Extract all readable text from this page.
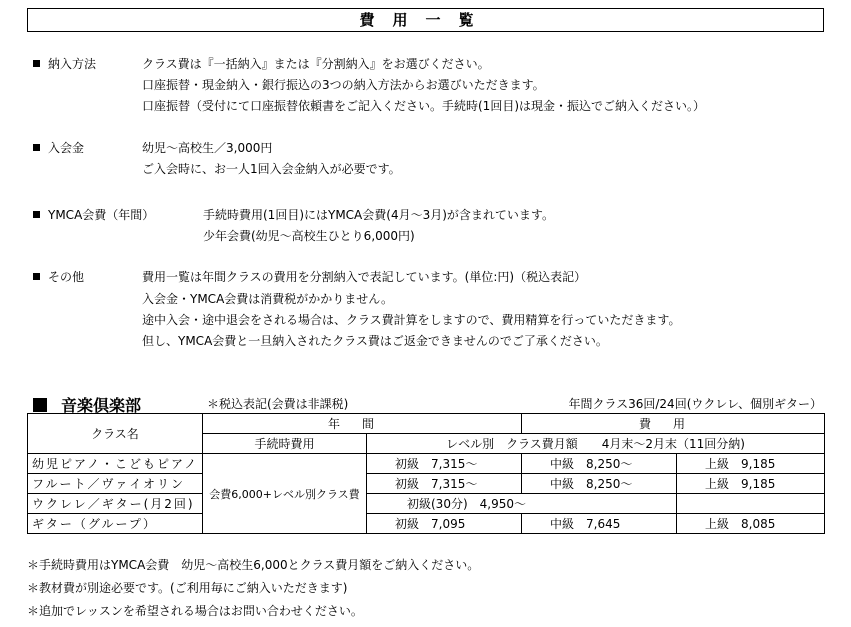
費用一覧
納入方法	クラス費は『一括納入』または『分割納入』をお選びください。
口座振替・現金納入・銀行振込の3つの納入方法からお選びいただきます。
口座振替（受付にて口座振替依頼書をご記入ください。手続時(1回目)は現金・振込でご納入ください。）
入会金	幼児～高校生／3,000円
ご入会時に、お一人1回入会金納入が必要です。
YMCA会費（年間）	手続時費用(1回目)にはYMCA会費(4月～3月)が含まれています。
少年会費(幼児～高校生ひとり6,000円)
その他	費用一覧は年間クラスの費用を分割納入で表記しています。(単位:円)（税込表記）
入会金・YMCA会費は消費税がかかりません。
途中入会・途中退会をされる場合は、クラス費計算をしますので、費用精算を行っていただきます。
但し、YMCA会費と一旦納入されたクラス費はご返金できませんのでご了承ください。
音楽倶楽部	＊税込表記(会費は非課税)	年間クラス36回/24回(ウクレレ、個別ギター）
クラス名	年間		費用	
	手続時費用	レベル別　クラス費月額　　4月末～2月末（11回分納)		
幼児ピアノ・こどもピアノ	会費6,000+レベル別クラス費	初級　7,315～	中級　8,250～	上級　9,185
フルート／ヴァイオリン		初級　7,315～	中級　8,250～	上級　9,185
ウクレレ／ギター(月2回)		初級(30分)　4,950～		
ギター（グループ）		初級　7,095	中級　7,645	上級　8,085
＊手続時費用はYMCA会費　幼児～高校生6,000とクラス費月額をご納入ください。
＊教材費が別途必要です。(ご利用毎にご納入いただきます)
＊追加でレッスンを希望される場合はお問い合わせください。
